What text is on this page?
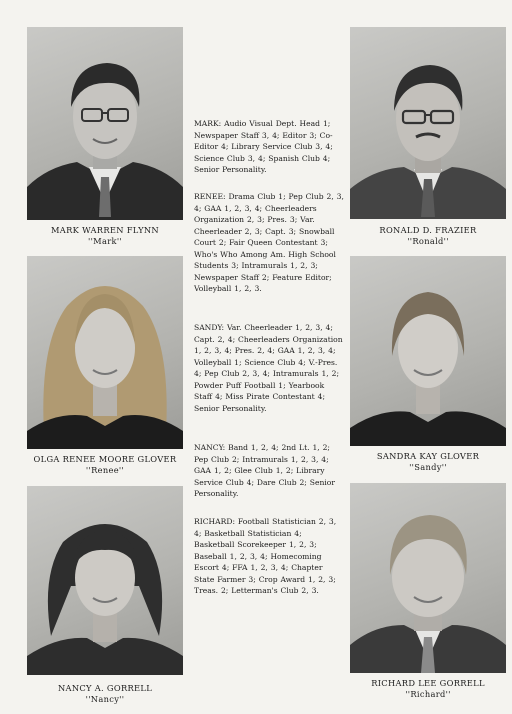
MARK WARREN FLYNN
''Mark''
OLGA RENEE MOORE GLOVER
''Renee''
NANCY A. GORRELL
''Nancy''
MARK: Audio Visual Dept. Head 1; Newspaper Staff 3, 4; Editor 3; Co-Editor 4; Library Service Club 3, 4; Science Club 3, 4; Spanish Club 4; Senior Personality.
RENEE: Drama Club 1; Pep Club 2, 3, 4; GAA 1, 2, 3, 4; Cheerleaders Organization 2, 3; Pres. 3; Var. Cheerleader 2, 3; Capt. 3; Snowball Court 2; Fair Queen Contestant 3; Who's Who Among Am. High School Students 3; Intramurals 1, 2, 3; Newspaper Staff 2; Feature Editor; Volleyball 1, 2, 3.
SANDY: Var. Cheerleader 1, 2, 3, 4; Capt. 2, 4; Cheerleaders Organization 1, 2, 3, 4; Pres. 2, 4; GAA 1, 2, 3, 4; Volleyball 1; Science Club 4; V.-Pres. 4; Pep Club 2, 3, 4; Intramurals 1, 2; Powder Puff Football 1; Yearbook Staff 4; Miss Pirate Contestant 4; Senior Personality.
NANCY: Band 1, 2, 4; 2nd Lt. 1, 2; Pep Club 2; Intramurals 1, 2, 3, 4; GAA 1, 2; Glee Club 1, 2; Library Service Club 4; Dare Club 2; Senior Personality.
RICHARD: Football Statistician 2, 3, 4; Basketball Statistician 4; Basketball Scorekeeper 1, 2, 3; Baseball 1, 2, 3, 4; Homecoming Escort 4; FFA 1, 2, 3, 4; Chapter State Farmer 3; Crop Award 1, 2, 3; Treas. 2; Letterman's Club 2, 3.
RONALD D. FRAZIER
''Ronald''
SANDRA KAY GLOVER
''Sandy''
RICHARD LEE GORRELL
''Richard''
